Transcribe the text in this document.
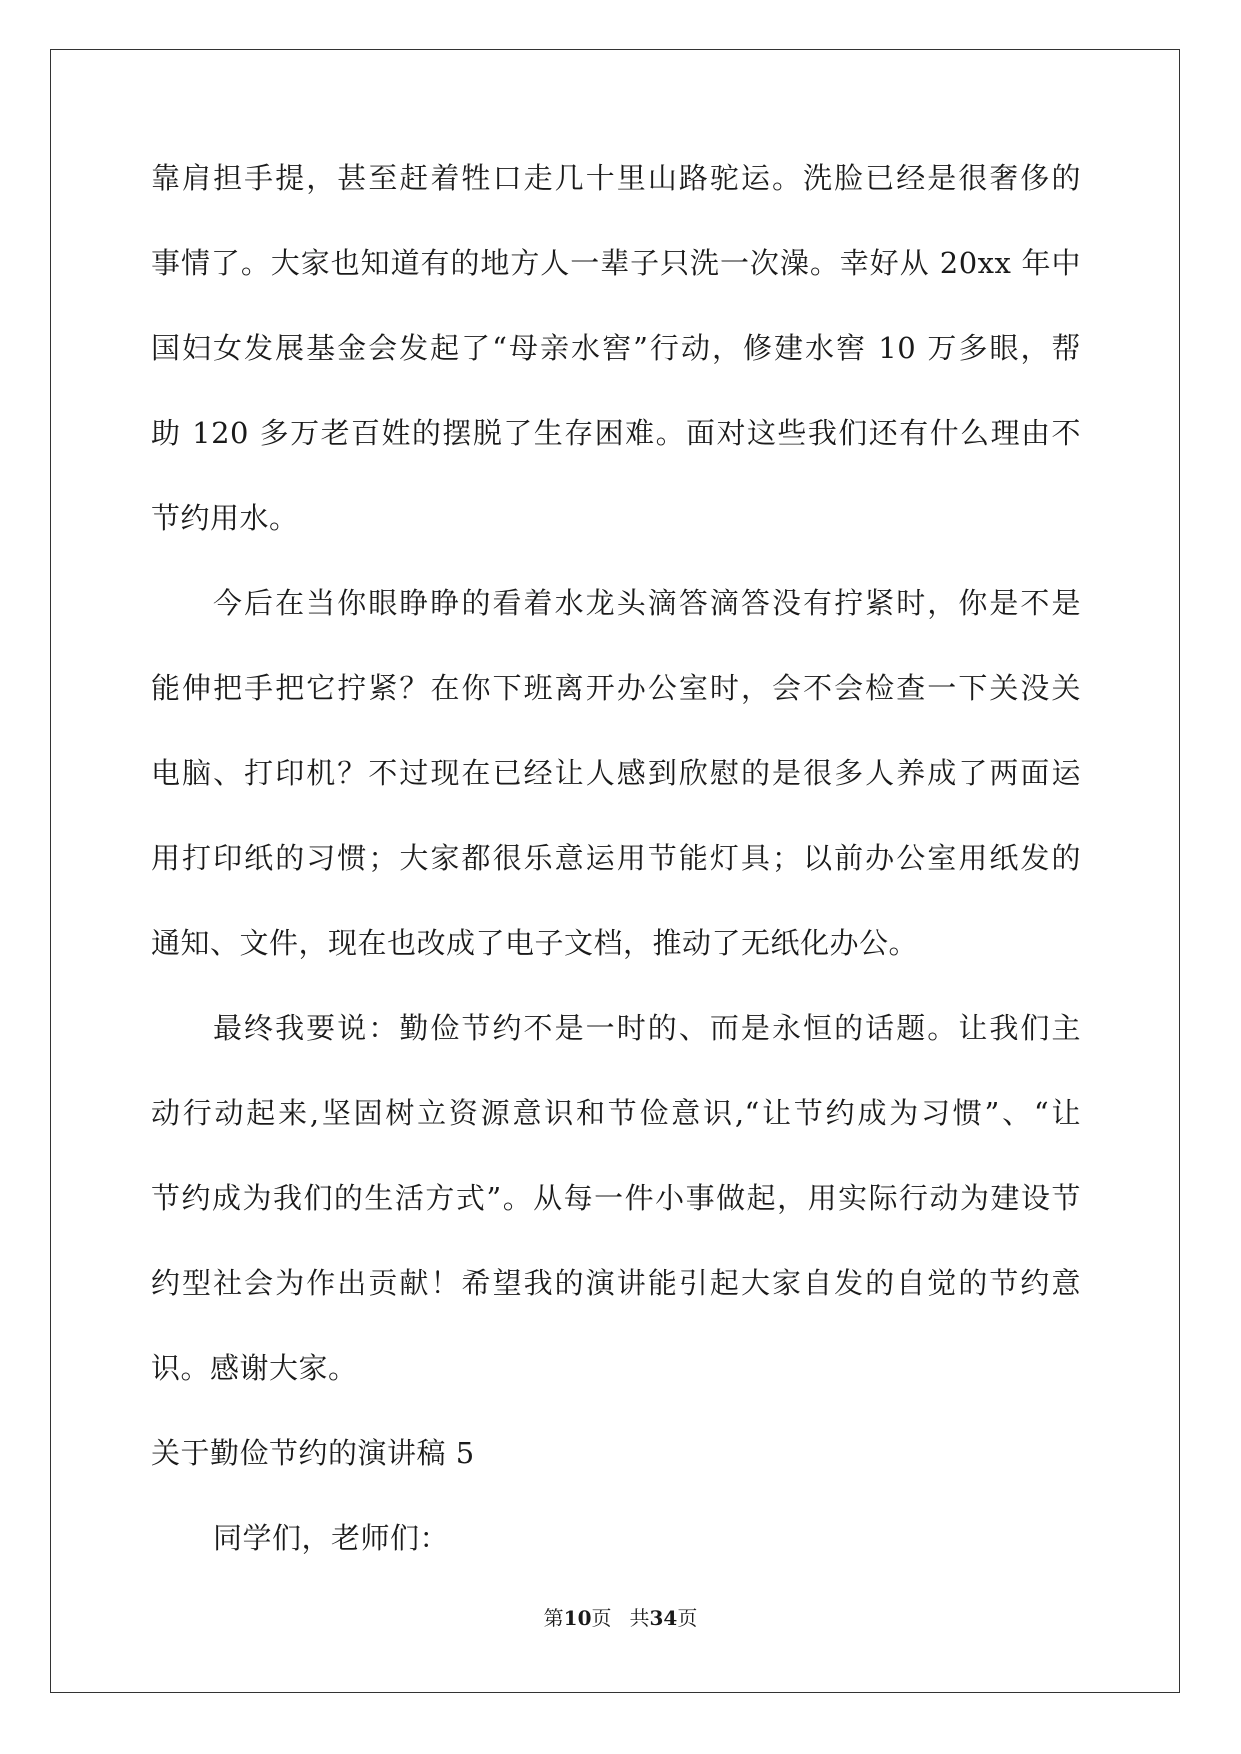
靠肩担手提，甚至赶着牲口走几十里山路驼运。洗脸已经是很奢侈的
事情了。大家也知道有的地方人一辈子只洗一次澡。幸好从 20xx 年中
国妇女发展基金会发起了“母亲水窖”行动，修建水窖 10 万多眼，帮
助 120 多万老百姓的摆脱了生存困难。面对这些我们还有什么理由不
节约用水。
今后在当你眼睁睁的看着水龙头滴答滴答没有拧紧时，你是不是
能伸把手把它拧紧？在你下班离开办公室时，会不会检查一下关没关
电脑、打印机？不过现在已经让人感到欣慰的是很多人养成了两面运
用打印纸的习惯；大家都很乐意运用节能灯具；以前办公室用纸发的
通知、文件，现在也改成了电子文档，推动了无纸化办公。
最终我要说：勤俭节约不是一时的、而是永恒的话题。让我们主
动行动起来,坚固树立资源意识和节俭意识,“让节约成为习惯”、“让
节约成为我们的生活方式”。从每一件小事做起，用实际行动为建设节
约型社会为作出贡献！希望我的演讲能引起大家自发的自觉的节约意
识。感谢大家。
关于勤俭节约的演讲稿 5
同学们，老师们：
第10页 共34页
